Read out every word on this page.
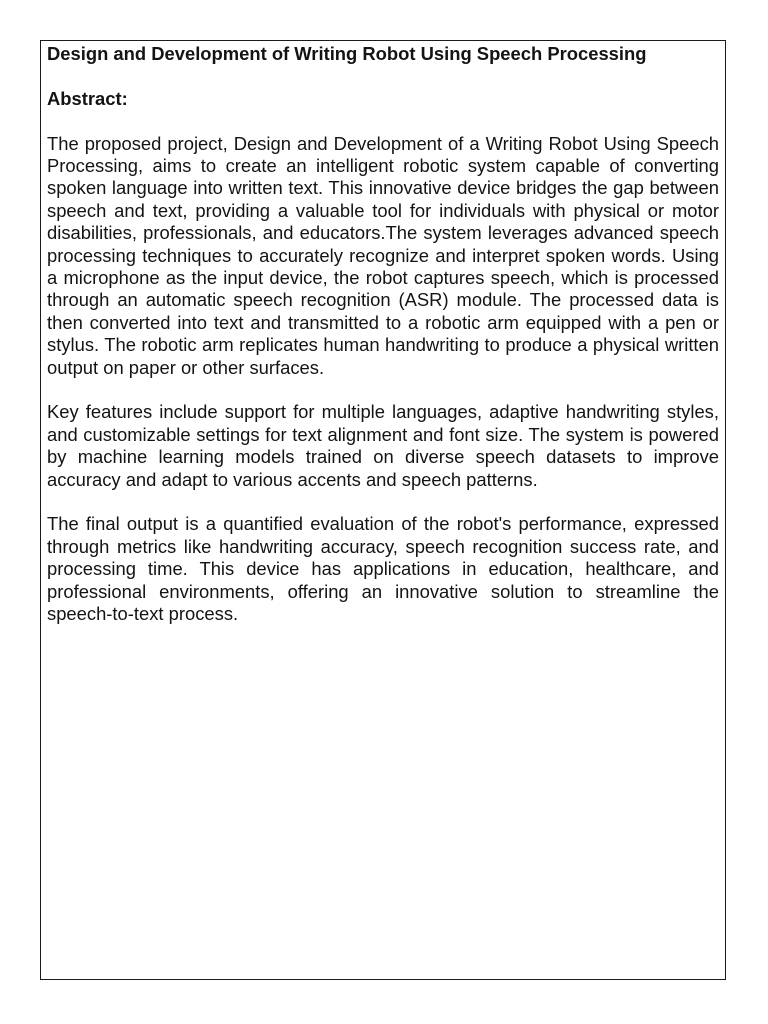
Design and Development of Writing Robot Using Speech Processing
Abstract:

The proposed project, Design and Development of a Writing Robot Using Speech Processing, aims to create an intelligent robotic system capable of converting spoken language into written text. This innovative device bridges the gap between speech and text, providing a valuable tool for individuals with physical or motor disabilities, professionals, and educators.The system leverages advanced speech processing techniques to accurately recognize and interpret spoken words. Using a microphone as the input device, the robot captures speech, which is processed through an automatic speech recognition (ASR) module. The processed data is then converted into text and transmitted to a robotic arm equipped with a pen or stylus. The robotic arm replicates human handwriting to produce a physical written output on paper or other surfaces.

Key features include support for multiple languages, adaptive handwriting styles, and customizable settings for text alignment and font size. The system is powered by machine learning models trained on diverse speech datasets to improve accuracy and adapt to various accents and speech patterns.

The final output is a quantified evaluation of the robot's performance, expressed through metrics like handwriting accuracy, speech recognition success rate, and processing time. This device has applications in education, healthcare, and professional environments, offering an innovative solution to streamline the speech-to-text process.
